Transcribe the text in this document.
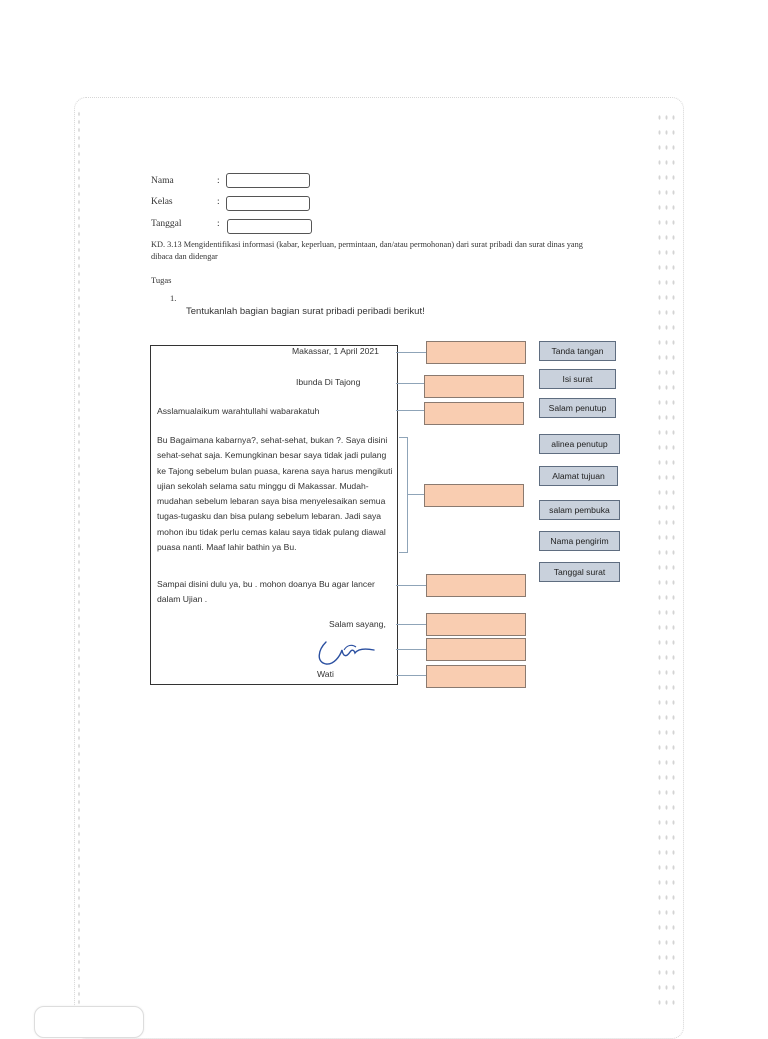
Nama	:
Kelas	:
Tanggal	:
KD. 3.13 Mengidentifikasi informasi (kabar, keperluan, permintaan, dan/atau permohonan) dari surat pribadi dan surat dinas yang dibaca dan didengar
Tugas
1.
Tentukanlah bagian bagian surat pribadi peribadi berikut!
Makassar, 1 April 2021
Ibunda Di Tajong
Asslamualaikum warahtullahi wabarakatuh
Bu Bagaimana kabarnya?, sehat-sehat, bukan ?. Saya disini sehat-sehat saja. Kemungkinan besar saya tidak jadi pulang ke Tajong sebelum bulan puasa, karena saya harus mengikuti ujian sekolah selama satu minggu di Makassar. Mudah-mudahan sebelum lebaran saya bisa menyelesaikan semua tugas-tugasku dan bisa pulang sebelum lebaran. Jadi saya mohon ibu tidak perlu cemas kalau saya tidak pulang diawal puasa nanti. Maaf lahir bathin ya Bu.
Sampai disini dulu ya, bu . mohon doanya Bu agar lancer dalam Ujian .
Salam sayang,
Wati
Tanda tangan
Isi surat
Salam penutup
alinea penutup
Alamat tujuan
salam pembuka
Nama pengirim
Tanggal surat
